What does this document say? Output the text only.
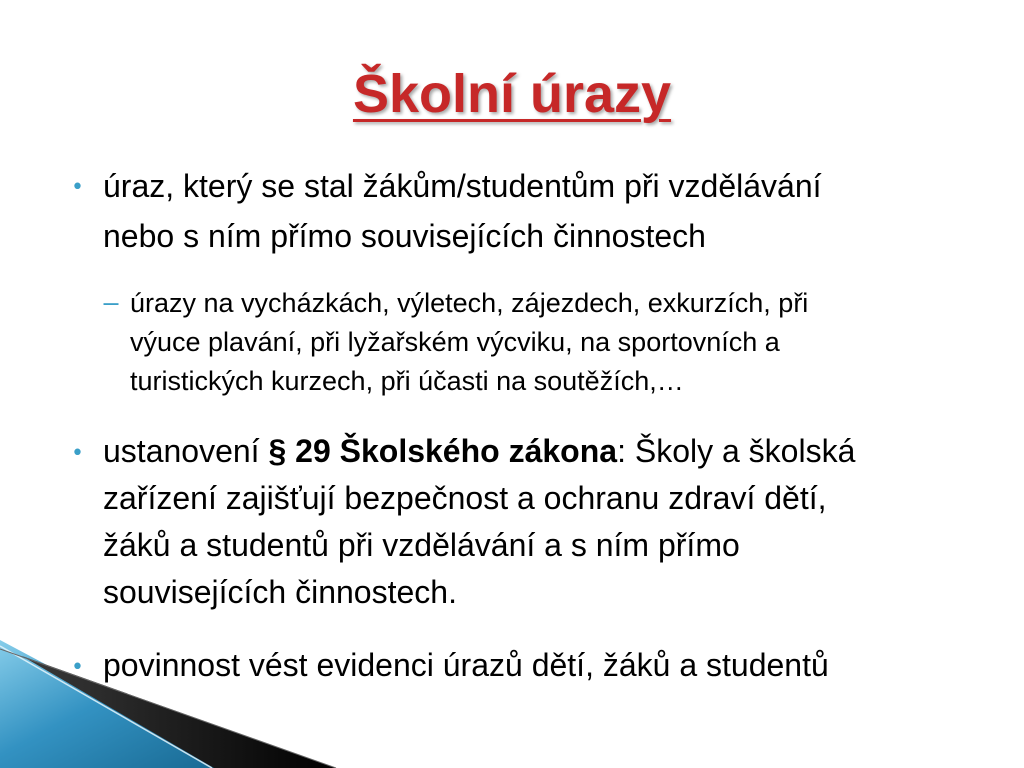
Školní úrazy
• úraz, který se stal žákům/studentům při vzdělávání
nebo s ním přímo souvisejících činnostech
– úrazy na vycházkách, výletech, zájezdech, exkurzích, při
výuce plavání, při lyžařském výcviku, na sportovních a
turistických kurzech, při účasti na soutěžích,…
• ustanovení § 29 Školského zákona: Školy a školská
zařízení zajišťují bezpečnost a ochranu zdraví dětí,
žáků a studentů při vzdělávání a s ním přímo
souvisejících činnostech.
• povinnost vést evidenci úrazů dětí, žáků a studentů
